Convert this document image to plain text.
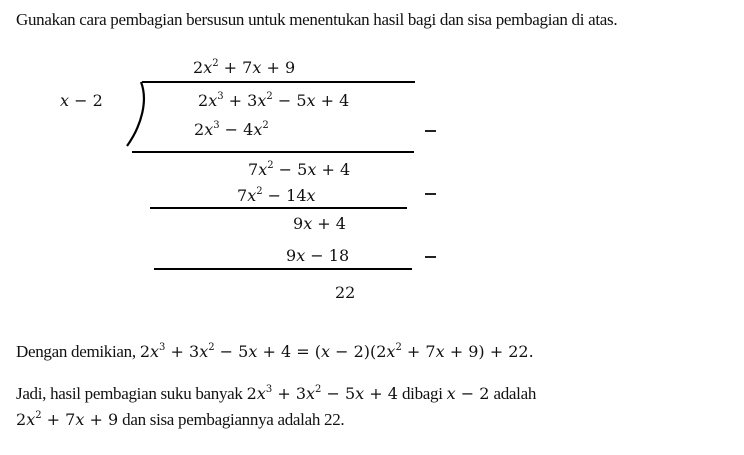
Gunakan cara pembagian bersusun untuk menentukan hasil bagi dan sisa pembagian di atas.
$2x^2 + 7x + 9$
x − 2	$2x^3 + 3x^2 - 5x + 4$
$2x^3 - 4x^2$
$7x^2 - 5x + 4$
$7x^2 - 14x$
9x + 4
9x − 18
22
Dengan demikian, $2x^3 + 3x^2 - 5x + 4 = (x - 2)(2x^2 + 7x + 9) + 22$.
Jadi, hasil pembagian suku banyak $2x^3 + 3x^2 - 5x + 4$ dibagi x − 2 adalah
$2x^2 + 7x + 9$ dan sisa pembagiannya adalah 22.
